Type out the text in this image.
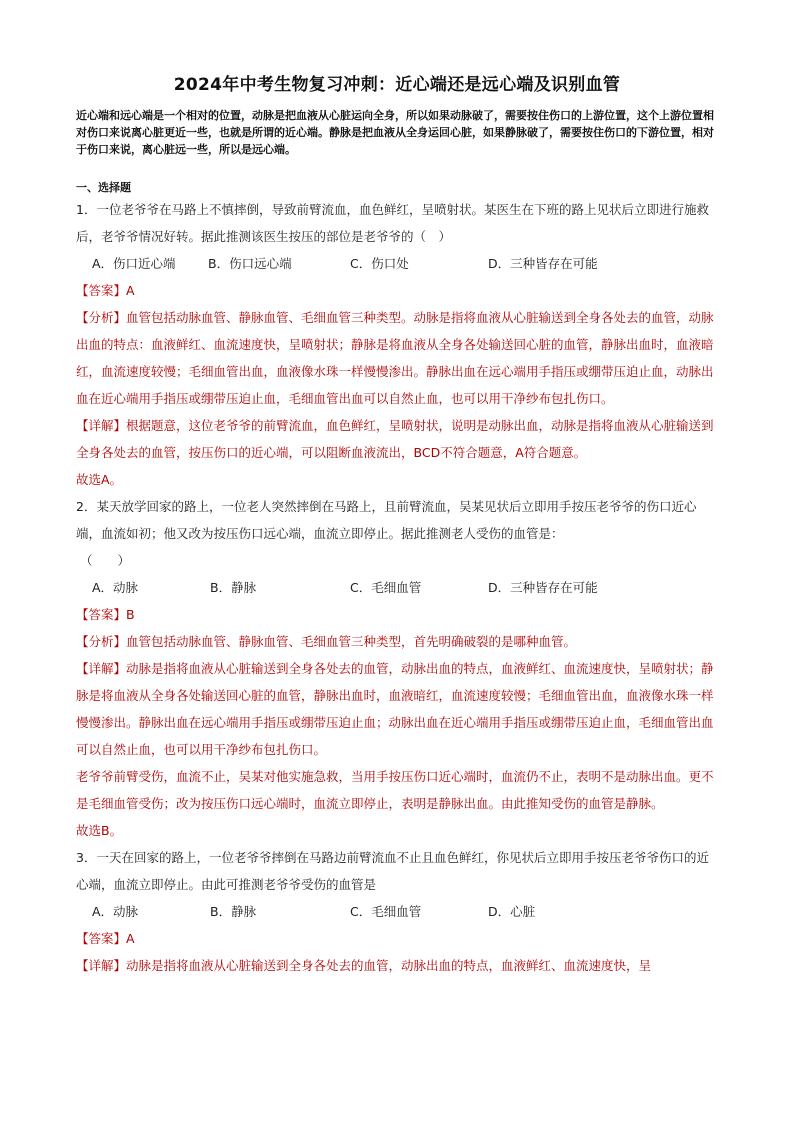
2024年中考生物复习冲刺：近心端还是远心端及识别血管

近心端和远心端是一个相对的位置，动脉是把血液从心脏运向全身，所以如果动脉破了，需要按住伤口的上游位置，这个上游位置相对伤口来说离心脏更近一些，也就是所谓的近心端。静脉是把血液从全身运回心脏，如果静脉破了，需要按住伤口的下游位置，相对于伤口来说，离心脏远一些，所以是远心端。

一、选择题

1．一位老爷爷在马路上不慎摔倒，导致前臂流血，血色鲜红，呈喷射状。某医生在下班的路上见状后立即进行施救后，老爷爷情况好转。据此推测该医生按压的部位是老爷爷的（　）

A．伤口近心端	B．伤口远心端	C．伤口处	D．三种皆存在可能

【答案】A

【分析】血管包括动脉血管、静脉血管、毛细血管三种类型。动脉是指将血液从心脏输送到全身各处去的血管，动脉出血的特点：血液鲜红、血流速度快，呈喷射状；静脉是将血液从全身各处输送回心脏的血管，静脉出血时，血液暗红，血流速度较慢；毛细血管出血，血液像水珠一样慢慢渗出。静脉出血在远心端用手指压或绷带压迫止血，动脉出血在近心端用手指压或绷带压迫止血，毛细血管出血可以自然止血，也可以用干净纱布包扎伤口。

【详解】根据题意，这位老爷爷的前臂流血，血色鲜红，呈喷射状，说明是动脉出血，动脉是指将血液从心脏输送到全身各处去的血管，按压伤口的近心端，可以阻断血液流出，BCD不符合题意，A符合题意。

故选A。

2．某天放学回家的路上，一位老人突然摔倒在马路上，且前臂流血，吴某见状后立即用手按压老爷爷的伤口近心端，血流如初；他又改为按压伤口远心端，血流立即停止。据此推测老人受伤的血管是：

（　　）

A．动脉	B．静脉	C．毛细血管	D．三种皆存在可能

【答案】B

【分析】血管包括动脉血管、静脉血管、毛细血管三种类型，首先明确破裂的是哪种血管。

【详解】动脉是指将血液从心脏输送到全身各处去的血管，动脉出血的特点，血液鲜红、血流速度快，呈喷射状；静脉是将血液从全身各处输送回心脏的血管，静脉出血时，血液暗红，血流速度较慢；毛细血管出血，血液像水珠一样慢慢渗出。静脉出血在远心端用手指压或绷带压迫止血；动脉出血在近心端用手指压或绷带压迫止血，毛细血管出血可以自然止血，也可以用干净纱布包扎伤口。

老爷爷前臂受伤，血流不止，吴某对他实施急救，当用手按压伤口近心端时，血流仍不止，表明不是动脉出血。更不是毛细血管受伤；改为按压伤口远心端时，血流立即停止，表明是静脉出血。由此推知受伤的血管是静脉。

故选B。

3．一天在回家的路上，一位老爷爷摔倒在马路边前臂流血不止且血色鲜红，你见状后立即用手按压老爷爷伤口的近心端，血流立即停止。由此可推测老爷爷受伤的血管是

A．动脉	B．静脉	C．毛细血管	D．心脏

【答案】A

【详解】动脉是指将血液从心脏输送到全身各处去的血管，动脉出血的特点，血液鲜红、血流速度快，呈
